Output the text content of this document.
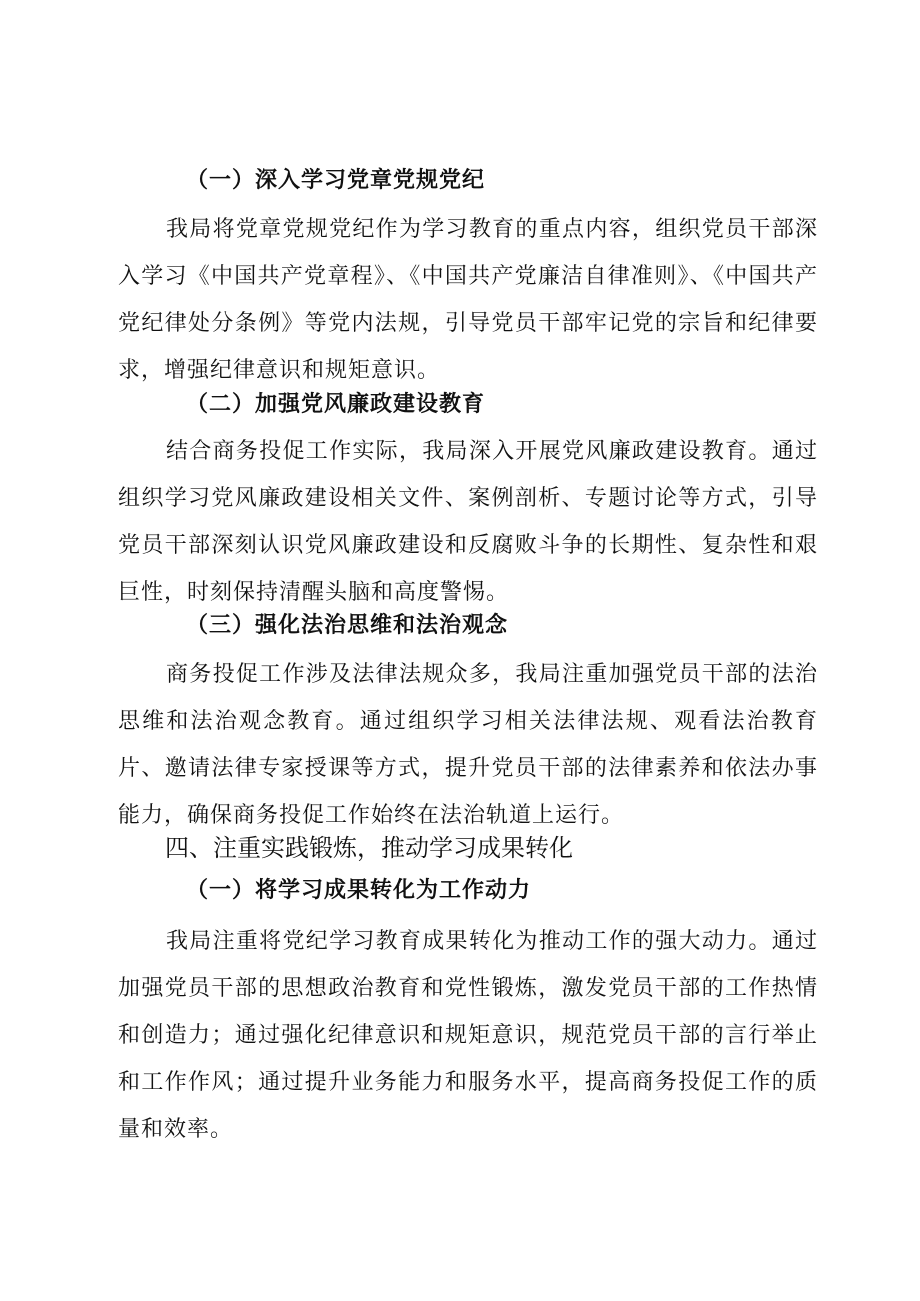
（一）深入学习党章党规党纪

我局将党章党规党纪作为学习教育的重点内容，组织党员干部深入学习《中国共产党章程》、《中国共产党廉洁自律准则》、《中国共产党纪律处分条例》等党内法规，引导党员干部牢记党的宗旨和纪律要求，增强纪律意识和规矩意识。

（二）加强党风廉政建设教育

结合商务投促工作实际，我局深入开展党风廉政建设教育。通过组织学习党风廉政建设相关文件、案例剖析、专题讨论等方式，引导党员干部深刻认识党风廉政建设和反腐败斗争的长期性、复杂性和艰巨性，时刻保持清醒头脑和高度警惕。

（三）强化法治思维和法治观念

商务投促工作涉及法律法规众多，我局注重加强党员干部的法治思维和法治观念教育。通过组织学习相关法律法规、观看法治教育片、邀请法律专家授课等方式，提升党员干部的法律素养和依法办事能力，确保商务投促工作始终在法治轨道上运行。

四、注重实践锻炼，推动学习成果转化
（一）将学习成果转化为工作动力

我局注重将党纪学习教育成果转化为推动工作的强大动力。通过加强党员干部的思想政治教育和党性锻炼，激发党员干部的工作热情和创造力；通过强化纪律意识和规矩意识，规范党员干部的言行举止和工作作风；通过提升业务能力和服务水平，提高商务投促工作的质量和效率。
